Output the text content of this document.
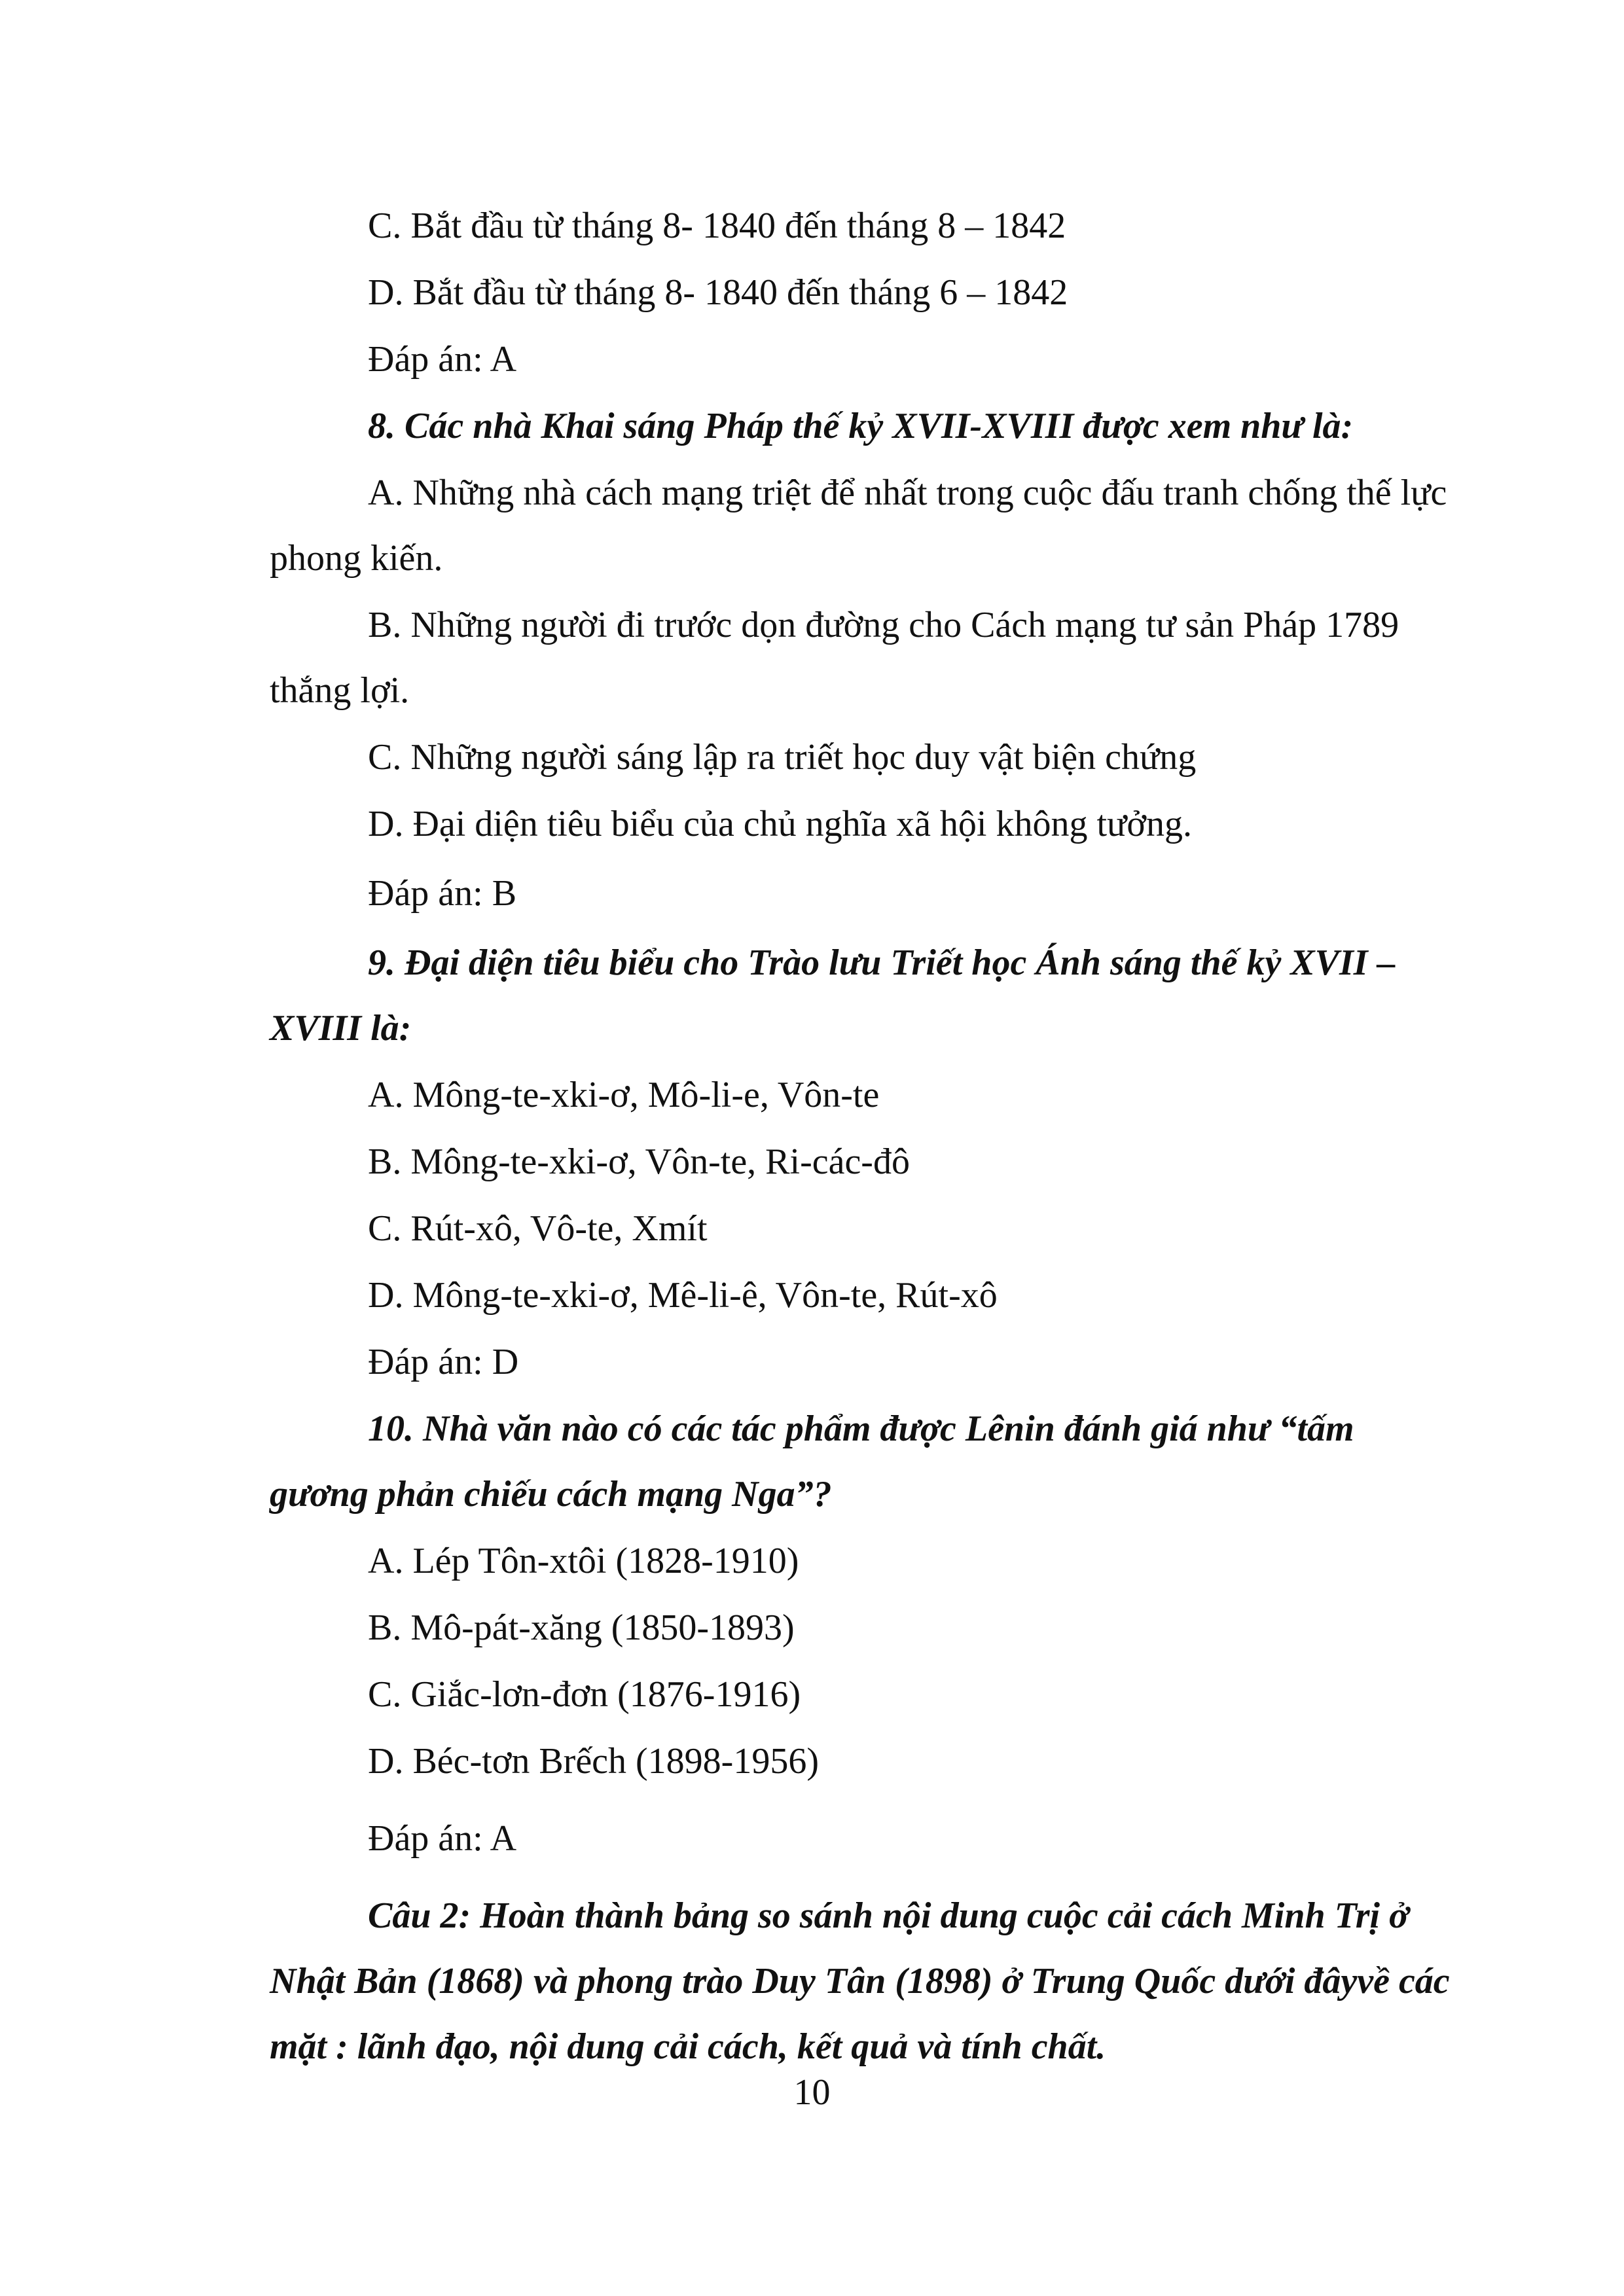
C. Bắt đầu từ tháng 8- 1840 đến tháng 8 – 1842

D. Bắt đầu từ tháng 8- 1840 đến tháng 6 – 1842

Đáp án: A

8. Các nhà Khai sáng Pháp thế kỷ XVII-XVIII được xem như là:

A. Những nhà cách mạng triệt để nhất trong cuộc đấu tranh chống thế lực phong kiến.

B. Những người đi trước dọn đường cho Cách mạng tư sản Pháp 1789 thắng lợi.

C. Những người sáng lập ra triết học duy vật biện chứng

D. Đại diện tiêu biểu của chủ nghĩa xã hội không tưởng.

Đáp án: B

9. Đại diện tiêu biểu cho Trào lưu Triết học Ánh sáng thế kỷ XVII – XVIII là:

A. Mông-te-xki-ơ, Mô-li-e, Vôn-te

B. Mông-te-xki-ơ, Vôn-te, Ri-các-đô

C. Rút-xô, Vô-te, Xmít

D. Mông-te-xki-ơ, Mê-li-ê, Vôn-te, Rút-xô

Đáp án: D

10. Nhà văn nào có các tác phẩm được Lênin đánh giá như “tấm gương phản chiếu cách mạng Nga”?

A. Lép Tôn-xtôi (1828-1910)

B. Mô-pát-xăng (1850-1893)

C. Giắc-lơn-đơn (1876-1916)

D. Béc-tơn Brếch (1898-1956)

Đáp án: A

Câu 2: Hoàn thành bảng so sánh nội dung cuộc cải cách Minh Trị ở Nhật Bản (1868) và phong trào Duy Tân (1898) ở Trung Quốc dưới đâyvề các mặt : lãnh đạo, nội dung cải cách, kết quả và tính chất.

10
